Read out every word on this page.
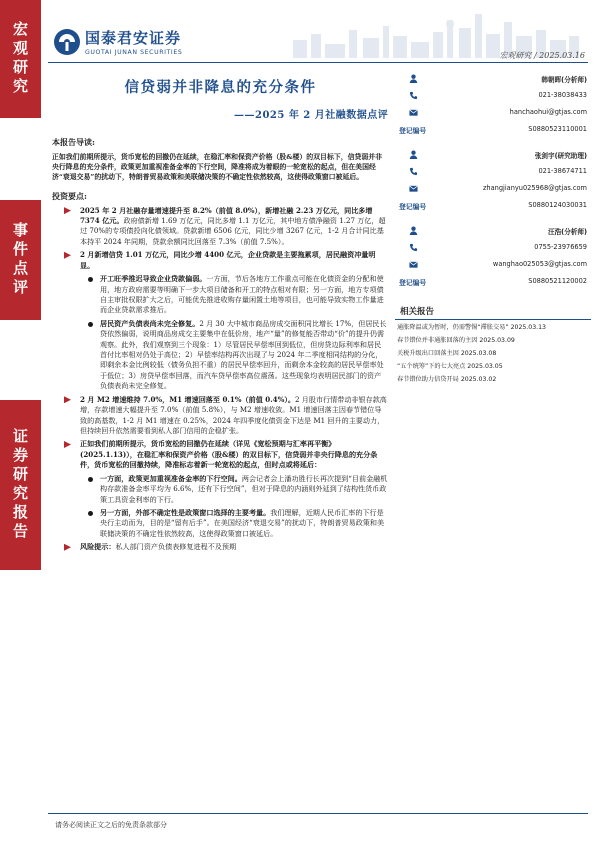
宏观研究
事件点评
证券研究报告
国泰君安证券
GUOTAI JUNAN SECURITIES	宏观研究 / 2025.03.16
信贷弱并非降息的充分条件
——2025 年 2 月社融数据点评
本报告导读:
正如我们前期所提示，货币宽松的回撤仍在延续，在稳汇率和保资产价格（股&楼）的双目标下，信贷弱并非央行降息的充分条件，政策更加重视准备金率的下行空间，降准将成为着眼的一轮宽松的起点，但在美国经济“衰退交易”的扰动下，特朗普贸易政策和美联储决策的不确定性依然较高，这使得政策窗口被延后。
投资要点:
2025 年 2 月社融存量增速提升至 8.2%（前值 8.0%），新增社融 2.23 万亿元，同比多增 7374 亿元。政府债新增 1.69 万亿元，同比多增 1.1 万亿元，其中地方债净融资 1.27 万亿，超过 70%的专项债投向化债领域。贷款新增 6506 亿元，同比少增 3267 亿元，1-2 月合计同比基本持平 2024 年同期，贷款余额同比回落至 7.3%（前值 7.5%）。
2 月新增信贷 1.01 万亿元，同比少增 4400 亿元，企业贷款是主要拖累项，居民融资冲量明显。
开工旺季推迟导致企业贷款偏弱。一方面，节后各地方工作重点可能在化债资金的分配和使用，地方政府需要等明确下一步大项目储备和开工的特点相对有限；另一方面，地方专项债自主审批权限扩大之后，可能优先推进收购存量闲置土地等项目，也可能导致实物工作量进而企业贷款需求推后。
居民资产负债表尚未完全修复。2 月 30 大中城市商品房成交面积同比增长 17%，但居民长贷依然偏弱，说明商品房成交主要集中在低价房，地产“量”的修复能否带动“价”的提升仍需观察。此外，我们观察到三个现象：1）尽管居民早偿率回到低位，但房贷边际利率和居民首付比率相对仍处于高位；2）早偿率结构再次出现了与 2024 年二季度相同结构的分化，即剩余本金比例较低（债务负担不重）的居民早偿率回升，而剩余本金较高的居民早偿率处于低位；3）房贷早偿率回落，而汽车贷早偿率高位震荡。这些现象均表明居民部门的资产负债表尚未完全修复。
2 月 M2 增速维持 7.0%，M1 增速回落至 0.1%（前值 0.4%）。2 月股市行情带动非银存款高增，存款增速大幅提升至 7.0%（前值 5.8%），与 M2 增速收敛。M1 增速回落主因春节错位导致的高基数，1-2 月 M1 增速在 0.25%，2024 年四季度化债资金下达是 M1 回升的主要动力，但持续回升依然需要看到私人部门信用的企稳扩张。
正如我们前期所提示，货币宽松的回撤仍在延续（详见《宽松预期与汇率再平衡》(2025.1.13)），在稳汇率和保资产价格（股&楼）的双目标下，信贷弱并非央行降息的充分条件，货币宽松的回撤持续，降准标志着新一轮宽松的起点，但时点或将延后：
一方面，政策更加重视准备金率的下行空间。两会记者会上潘功胜行长再次提到“目前金融机构存款准备金率平均为 6.6%，还有下行空间”，但对于降息的内涵则外延到了结构性货币政策工具资金利率的下行。
另一方面，外部不确定性是政策窗口选择的主要考量。我们理解，近期人民币汇率的下行是央行主动而为，目的是“留有后手”。在美国经济“衰退交易”的扰动下，特朗普贸易政策和美联储决策的不确定性依然较高，这使得政策窗口被延后。
风险提示：私人部门资产负债表修复进程不及预期
韩朝晖(分析师)
021-38038433
hanchaohui@gtjas.com
登记编号	S0880523110001
张剑宇(研究助理)
021-38674711
zhangjianyu025968@gtjas.com
登记编号	S0880124030031
汪浩(分析师)
0755-23976659
wanghao025053@gtjas.com
登记编号	S0880521120002
相关报告
通胀降温或为暂时，仍需警惕“滞胀交易” 2025.03.13
春节错位并非通胀回落的主因 2025.03.09
关税升级出口回落主因 2025.03.08
“五个统筹”下的七大亮点 2025.03.05
春节错位助力信贷开局 2025.03.02
请务必阅读正文之后的免责条款部分
